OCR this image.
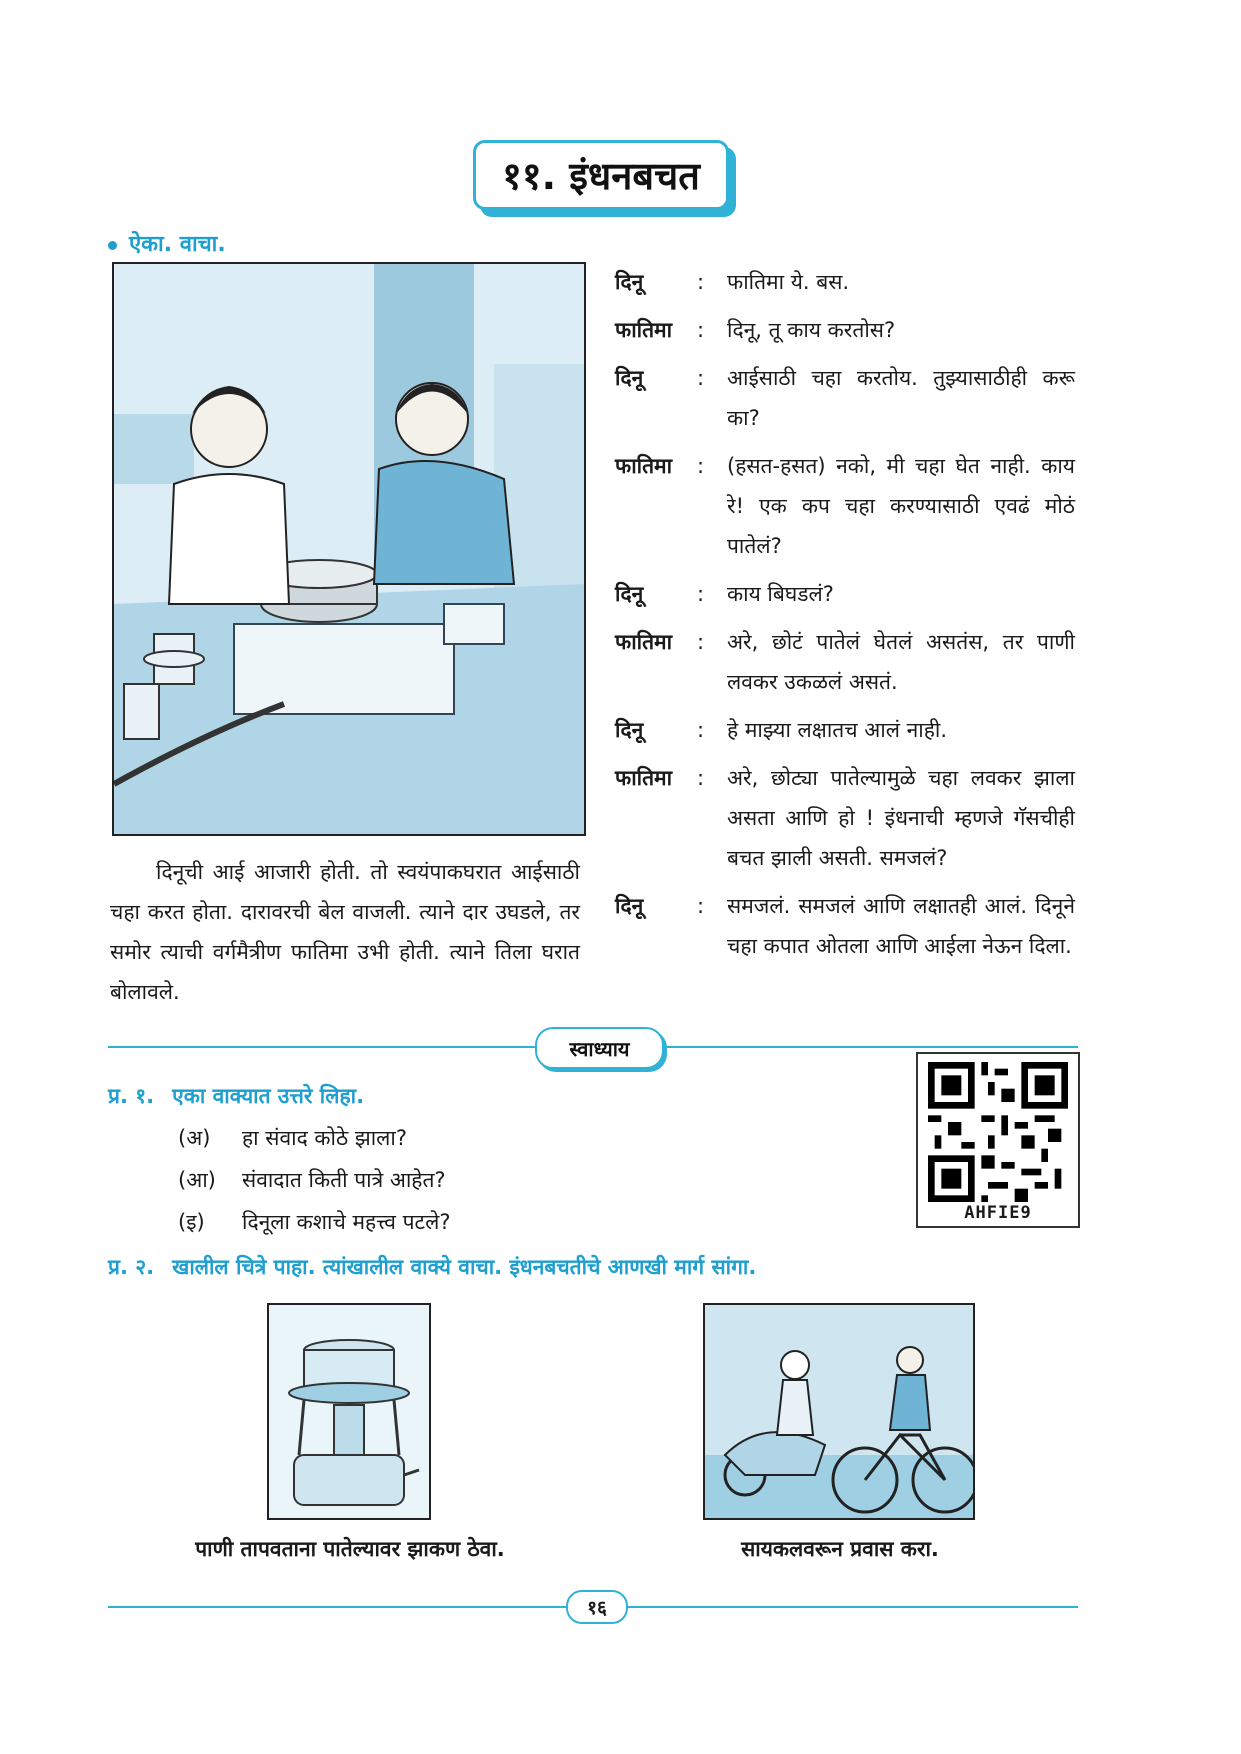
११. इंधनबचत
ऐका. वाचा.

दिनूची आई आजारी होती. तो स्वयंपाकघरात आईसाठी चहा करत होता. दारावरची बेल वाजली. त्याने दार उघडले, तर समोर त्याची वर्गमैत्रीण फातिमा उभी होती. त्याने तिला घरात बोलावले.

दिनू	:	फातिमा ये. बस.
फातिमा	:	दिनू, तू काय करतोस?
दिनू	:	आईसाठी चहा करतोय. तुझ्यासाठीही करू का?
फातिमा	:	(हसत-हसत) नको, मी चहा घेत नाही. काय रे! एक कप चहा करण्यासाठी एवढं मोठं पातेलं?
दिनू	:	काय बिघडलं?
फातिमा	:	अरे, छोटं पातेलं घेतलं असतंस, तर पाणी लवकर उकळलं असतं.
दिनू	:	हे माझ्या लक्षातच आलं नाही.
फातिमा	:	अरे, छोट्या पातेल्यामुळे चहा लवकर झाला असता आणि हो ! इंधनाची म्हणजे गॅसचीही बचत झाली असती. समजलं?
दिनू	:	समजलं. समजलं आणि लक्षातही आलं. दिनूने चहा कपात ओतला आणि आईला नेऊन दिला.
स्वाध्याय
AHFIE9
प्र. १. एका वाक्यात उत्तरे लिहा.
(अ) हा संवाद कोठे झाला?
(आ) संवादात किती पात्रे आहेत?
(इ) दिनूला कशाचे महत्त्व पटले?
प्र. २. खालील चित्रे पाहा. त्यांखालील वाक्ये वाचा. इंधनबचतीचे आणखी मार्ग सांगा.
पाणी तापवताना पातेल्यावर झाकण ठेवा.	सायकलवरून प्रवास करा.
१६
